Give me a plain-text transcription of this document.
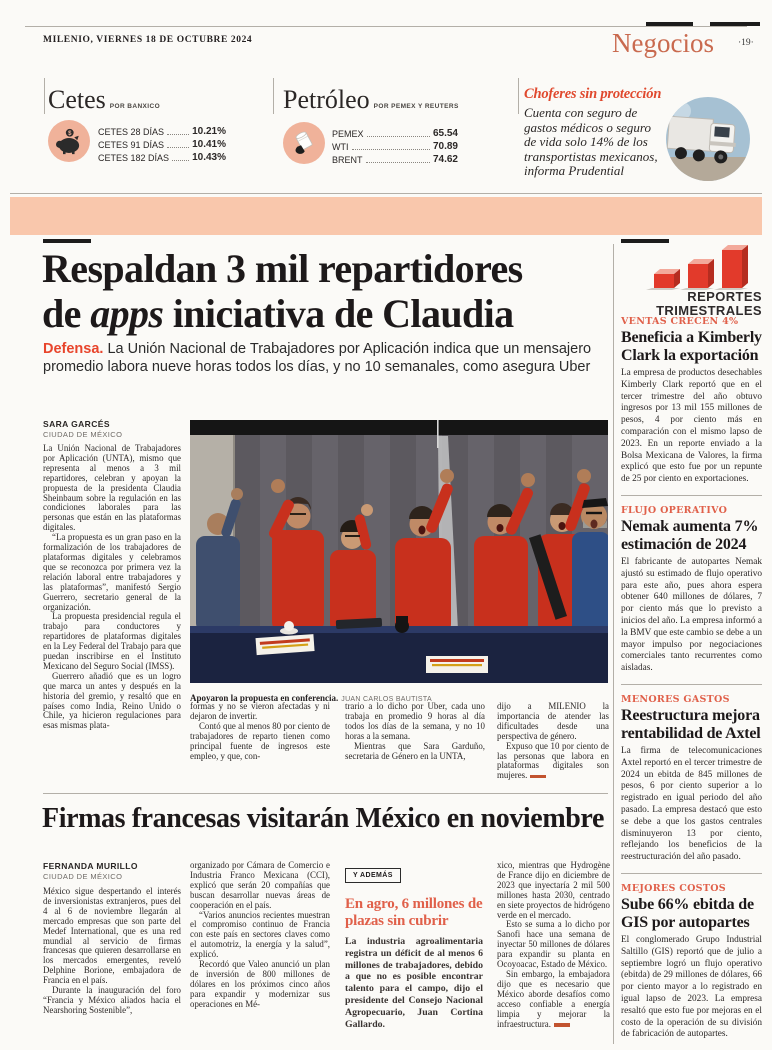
MILENIO, VIERNES 18 DE OCTUBRE 2024	Negocios	·19·
Cetes POR BANXICO
$	CETES 28 DÍAS	10.21%
CETES 91 DÍAS	10.41%
CETES 182 DÍAS 10.43%
Petróleo POR PEMEX Y REUTERS
PEMEX	65.54
WTI	70.89
BRENT	74.62
Choferes sin protección
Cuenta con seguro de gastos médicos o seguro de vida solo 14% de los transportistas mexicanos, informa Prudential
Respaldan 3 mil repartidores
de apps iniciativa de Claudia
Defensa. La Unión Nacional de Trabajadores por Aplicación indica que un mensajero promedio labora nueve horas todos los días, y no 10 semanales, como asegura Uber
SARA GARCÉS
CIUDAD DE MÉXICO

La Unión Nacional de Trabajadores por Aplicación (UNTA), mismo que representa al menos a 3 mil repartidores, celebran y apoyan la propuesta de la presidenta Claudia Sheinbaum sobre la regulación en las condiciones laborales para las personas que están en las plataformas digitales.

“La propuesta es un gran paso en la formalización de los trabajadores de plataformas digitales y celebramos que se reconozca por primera vez la relación laboral entre trabajadores y las plataformas”, manifestó Sergio Guerrero, secretario general de la organización.

La propuesta presidencial regula el trabajo para conductores y repartidores de plataformas digitales en la Ley Federal del Trabajo para que puedan inscribirse en el Instituto Mexicano del Seguro Social (IMSS).

Guerrero añadió que es un logro que marca un antes y después en la historia del gremio, y resaltó que en países como India, Reino Unido o Chile, ya hicieron regulaciones para esas mismas plata-

Apoyaron la propuesta en conferencia. JUAN CARLOS BAUTISTA

formas y no se vieron afectadas y ni dejaron de invertir.

Contó que al menos 80 por ciento de trabajadores de reparto tienen como principal fuente de ingresos este empleo, y que, con-

trario a lo dicho por Uber, cada uno trabaja en promedio 9 horas al día todos los días de la semana, y no 10 horas a la semana.

Mientras que Sara Garduño, secretaria de Género en la UNTA,

dijo a MILENIO la importancia de atender las dificultades desde una perspectiva de género.

Expuso que 10 por ciento de las personas que labora en plataformas digitales son mujeres.

Firmas francesas visitarán México en noviembre
FERNANDA MURILLO
CIUDAD DE MÉXICO

México sigue despertando el interés de inversionistas extranjeros, pues del 4 al 6 de noviembre llegarán al mercado empresas que son parte del Medef International, que es una red mundial al servicio de firmas francesas que quieren desarrollarse en los mercados emergentes, reveló Delphine Borione, embajadora de Francia en el país.

Durante la inauguración del foro “Francia y México aliados hacia el Nearshoring Sostenible”,

organizado por Cámara de Comercio e Industria Franco Mexicana (CCI), explicó que serán 20 compañías que buscan desarrollar nuevas áreas de cooperación en el país.

“Varios anuncios recientes muestran el compromiso continuo de Francia con este país en sectores claves como el automotriz, la energía y la salud”, explicó.

Recordó que Valeo anunció un plan de inversión de 800 millones de dólares en los próximos cinco años para expandir y modernizar sus operaciones en Mé-

Y ADEMÁS
En agro, 6 millones de plazas sin cubrir
La industria agroalimentaria registra un déficit de al menos 6 millones de trabajadores, debido a que no es posible encontrar talento para el campo, dijo el presidente del Consejo Nacional Agropecuario, Juan Cortina Gallardo.

xico, mientras que Hydrogène de France dijo en diciembre de 2023 que inyectaría 2 mil 500 millones hasta 2030, centrado en siete proyectos de hidrógeno verde en el mercado.

Esto se suma a lo dicho por Sanofi hace una semana de inyectar 50 millones de dólares para expandir su planta en Ocoyoacac, Estado de México.

Sin embargo, la embajadora dijo que es necesario que México aborde desafíos como acceso confiable a energía limpia y mejorar la infraestructura.

REPORTES
TRIMESTRALES
VENTAS CRECEN 4%
Beneficia a Kimberly Clark la exportación
La empresa de productos desechables Kimberly Clark reportó que en el tercer trimestre del año obtuvo ingresos por 13 mil 155 millones de pesos, 4 por ciento más en comparación con el mismo lapso de 2023. En un reporte enviado a la Bolsa Mexicana de Valores, la firma explicó que esto fue por un repunte de 25 por ciento en exportaciones.
FLUJO OPERATIVO
Nemak aumenta 7% estimación de 2024
El fabricante de autopartes Nemak ajustó su estimado de flujo operativo para este año, pues ahora espera obtener 640 millones de dólares, 7 por ciento más que lo previsto a inicios del año. La empresa informó a la BMV que este cambio se debe a un mayor impulso por negociaciones comerciales tanto recurrentes como aisladas.
MENORES GASTOS
Reestructura mejora rentabilidad de Axtel
La firma de telecomunicaciones Axtel reportó en el tercer trimestre de 2024 un ebitda de 845 millones de pesos, 6 por ciento superior a lo registrado en igual periodo del año pasado. La empresa destacó que esto se debe a que los gastos centrales disminuyeron 13 por ciento, reflejando los beneficios de la reestructuración del año pasado.
MEJORES COSTOS
Sube 66% ebitda de GIS por autopartes
El conglomerado Grupo Industrial Saltillo (GIS) reportó que de julio a septiembre logró un flujo operativo (ebitda) de 29 millones de dólares, 66 por ciento mayor a lo registrado en igual lapso de 2023. La empresa resaltó que esto fue por mejoras en el costo de la operación de su división de fabricación de autopartes.
